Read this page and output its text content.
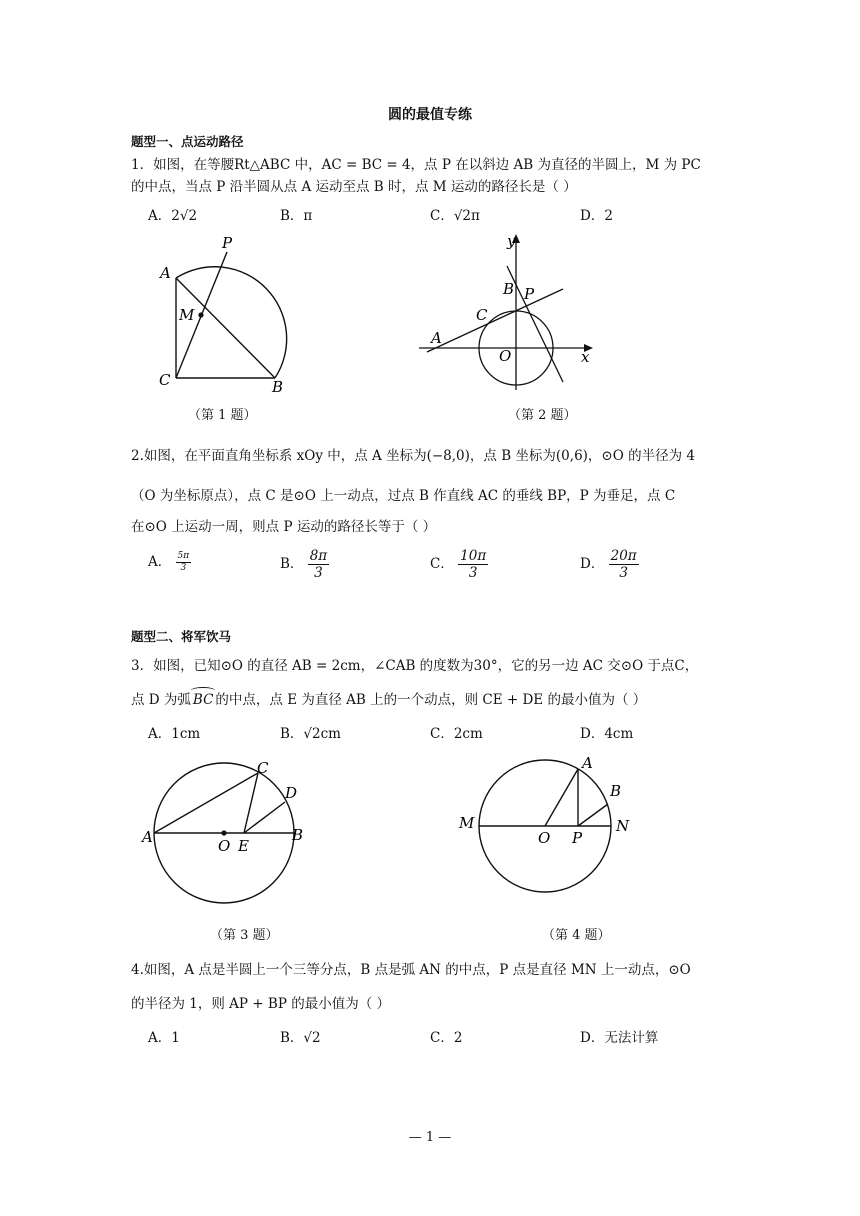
圆的最值专练
题型一、点运动路径
1．如图，在等腰Rt△ABC 中，AC = BC = 4，点 P 在以斜边 AB 为直径的半圆上，M 为 PC
的中点，当点 P 沿半圆从点 A 运动至点 B 时，点 M 运动的路径长是（ ）
A．2√2	B．π	C．√2π	D．2
A
P
M
C	B
（第 1 题）
y
x
B P
C
A
O
（第 2 题）
2.如图，在平面直角坐标系 xOy 中，点 A 坐标为(−8,0)，点 B 坐标为(0,6)，⊙O 的半径为 4
（O 为坐标原点），点 C 是⊙O 上一动点，过点 B 作直线 AC 的垂线 BP，P 为垂足，点 C
在⊙O 上运动一周，则点 P 运动的路径长等于（ ）
A． $\frac{5\pi}{3}$	B． $\frac{8\pi}{3}$	C． $\frac{10\pi}{3}$	D． $\frac{20\pi}{3}$
题型二、将军饮马
3．如图，已知⊙O 的直径 AB = 2cm，∠CAB 的度数为30°，它的另一边 AC 交⊙O 于点C，
点 D 为弧 BC 的中点，点 E 为直径 AB 上的一个动点，则 CE + DE 的最小值为（ ）
A．1cm	B．√2cm	C．2cm	D．4cm
A	B
C
D
O E
（第 3 题）
M	N
O P
A
B
（第 4 题）
4.如图，A 点是半圆上一个三等分点，B 点是弧 AN 的中点，P 点是直径 MN 上一动点，⊙O
的半径为 1，则 AP + BP 的最小值为（ ）
A．1	B．√2	C．2	D．无法计算
— 1 —
